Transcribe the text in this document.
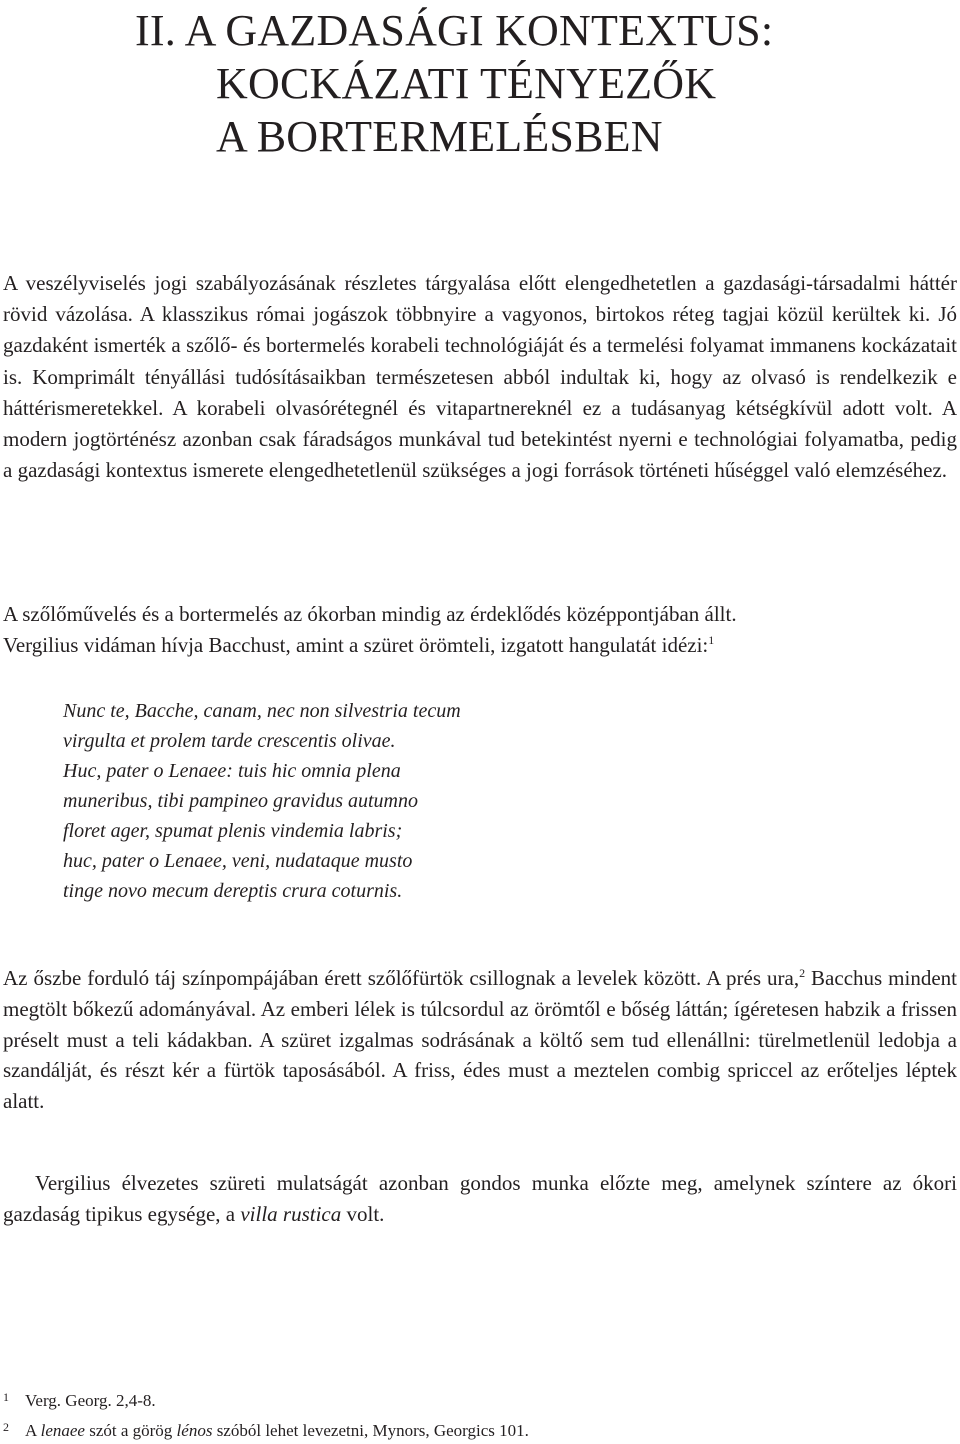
II. A GAZDASÁGI KONTEXTUS:
KOCKÁZATI TÉNYEZŐK
A BORTERMELÉSBEN

A veszélyviselés jogi szabályozásának részletes tárgyalása előtt elengedhetetlen a gazdasági-társadalmi háttér rövid vázolása. A klasszikus római jogászok többnyire a vagyonos, birtokos réteg tagjai közül kerültek ki. Jó gazdaként ismerték a szőlő- és bortermelés korabeli technológiáját és a termelési folyamat immanens kockázatait is. Komprimált tényállási tudósításaikban természetesen abból indultak ki, hogy az olvasó is rendelkezik e háttérismeretekkel. A korabeli olvasórétegnél és vitapartnereknél ez a tudásanyag kétségkívül adott volt. A modern jogtörténész azonban csak fáradságos munkával tud betekintést nyerni e technológiai folyamatba, pedig a gazdasági kontextus ismerete elengedhetetlenül szükséges a jogi források történeti hűséggel való elemzéséhez.

A szőlőművelés és a bortermelés az ókorban mindig az érdeklődés középpontjában állt.
Vergilius vidáman hívja Bacchust, amint a szüret örömteli, izgatott hangulatát idézi:$^1$

Nunc te, Bacche, canam, nec non silvestria tecum
virgulta et prolem tarde crescentis olivae.
Huc, pater o Lenaee: tuis hic omnia plena
muneribus, tibi pampineo gravidus autumno
floret ager, spumat plenis vindemia labris;
huc, pater o Lenaee, veni, nudataque musto
tinge novo mecum dereptis crura coturnis.

Az őszbe forduló táj színpompájában érett szőlőfürtök csillognak a levelek között. A prés ura,$^2$ Bacchus mindent megtölt bőkezű adományával. Az emberi lélek is túlcsordul az örömtől e bőség láttán; ígéretesen habzik a frissen préselt must a teli kádakban. A szüret izgalmas sodrásának a költő sem tud ellenállni: türelmetlenül ledobja a szandálját, és részt kér a fürtök taposásából. A friss, édes must a meztelen combig spriccel az erőteljes léptek alatt.

Vergilius élvezetes szüreti mulatságát azonban gondos munka előzte meg, amelynek színtere az ókori gazdaság tipikus egysége, a villa rustica volt.

1 Verg. Georg. 2,4-8.
2 A lenaee szót a görög lénos szóból lehet levezetni, Mynors, Georgics 101.
